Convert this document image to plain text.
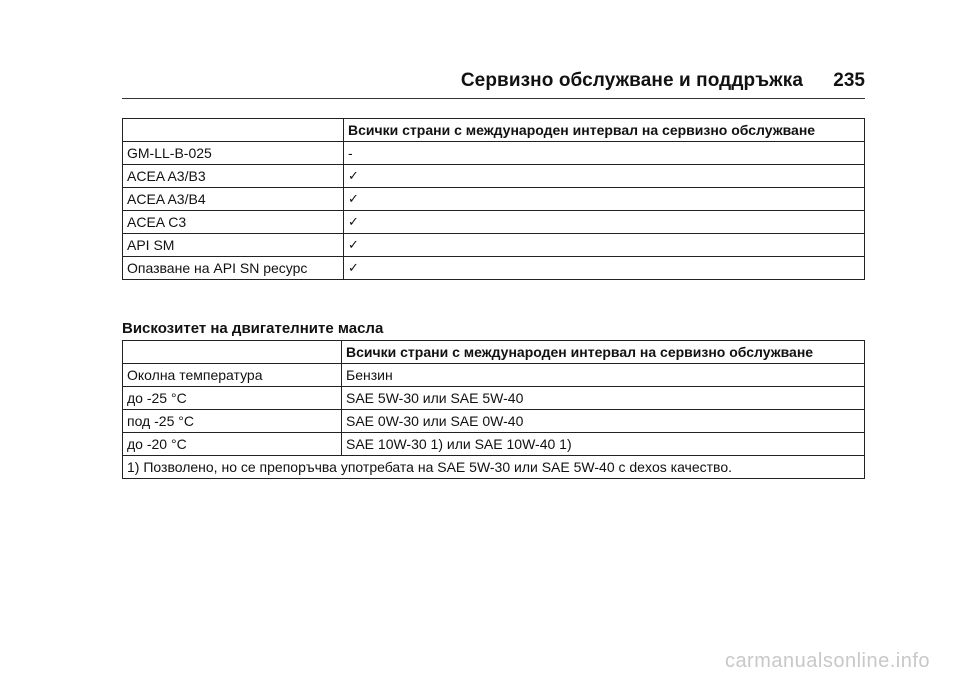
Сервизно обслужване и поддръжка 235
	Всички страни с международен интервал на сервизно обслужване
GM-LL-B-025	-
ACEA A3/B3	✓
ACEA A3/B4	✓
ACEA C3	✓
API SM	✓
Опазване на API SN ресурс	✓
Вискозитет на двигателните масла
	Всички страни с международен интервал на сервизно обслужване
Околна температура	Бензин
до -25 °C	SAE 5W-30 или SAE 5W-40
под -25 °C	SAE 0W-30 или SAE 0W-40
до -20 °C	SAE 10W-30 1) или SAE 10W-40 1)
1) Позволено, но се препоръчва употребата на SAE 5W-30 или SAE 5W-40 с dexos качество.	
carmanualsonline.info
